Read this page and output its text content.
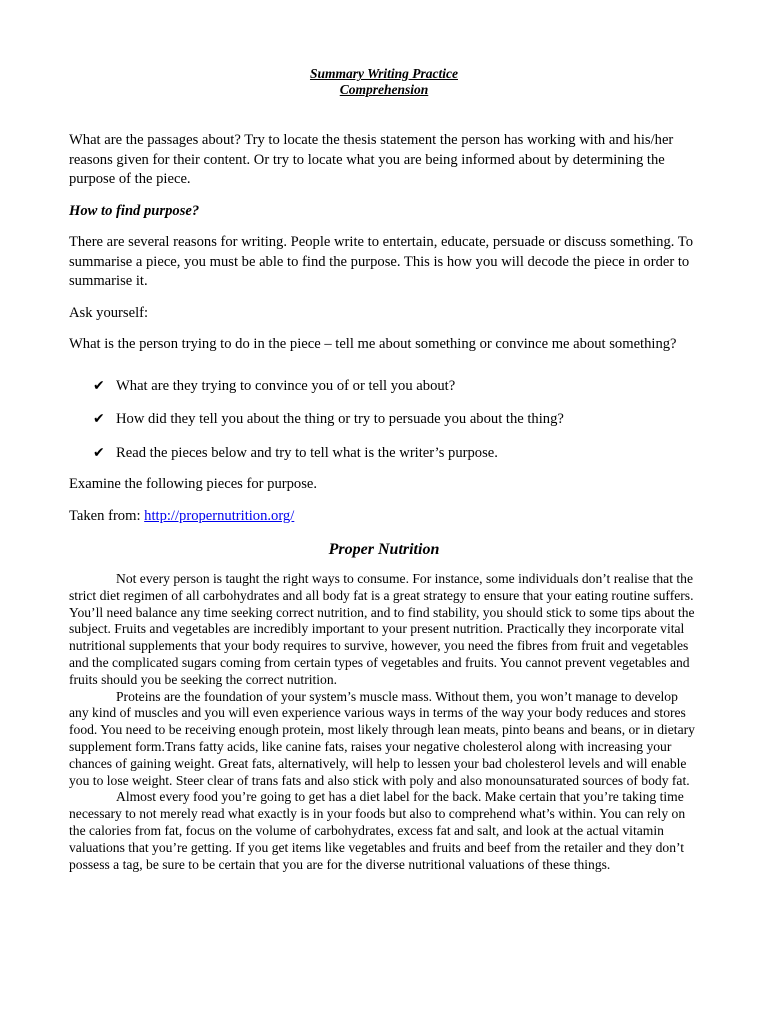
Summary Writing Practice

Comprehension

What are the passages about? Try to locate the thesis statement the person has working with and his/her reasons given for their content. Or try to locate what you are being informed about by determining the purpose of the piece.

How to find purpose?

There are several reasons for writing. People write to entertain, educate, persuade or discuss something. To summarise a piece, you must be able to find the purpose. This is how you will decode the piece in order to summarise it.

Ask yourself:

What is the person trying to do in the piece – tell me about something or convince me about something?

✔ What are they trying to convince you of or tell you about?
✔ How did they tell you about the thing or try to persuade you about the thing?
✔ Read the pieces below and try to tell what is the writer’s purpose.

Examine the following pieces for purpose.

Taken from: http://propernutrition.org/

Proper Nutrition

Not every person is taught the right ways to consume. For instance, some individuals don’t realise that the strict diet regimen of all carbohydrates and all body fat is a great strategy to ensure that your eating routine suffers. You’ll need balance any time seeking correct nutrition, and to find stability, you should stick to some tips about the subject. Fruits and vegetables are incredibly important to your present nutrition. Practically they incorporate vital nutritional supplements that your body requires to survive, however, you need the fibres from fruit and vegetables and the complicated sugars coming from certain types of vegetables and fruits. You cannot prevent vegetables and fruits should you be seeking the correct nutrition.

Proteins are the foundation of your system’s muscle mass. Without them, you won’t manage to develop any kind of muscles and you will even experience various ways in terms of the way your body reduces and stores food. You need to be receiving enough protein, most likely through lean meats, pinto beans and beans, or in dietary supplement form.Trans fatty acids, like canine fats, raises your negative cholesterol along with increasing your chances of gaining weight. Great fats, alternatively, will help to lessen your bad cholesterol levels and will enable you to lose weight. Steer clear of trans fats and also stick with poly and also monounsaturated sources of body fat.

Almost every food you’re going to get has a diet label for the back. Make certain that you’re taking time necessary to not merely read what exactly is in your foods but also to comprehend what’s within. You can rely on the calories from fat, focus on the volume of carbohydrates, excess fat and salt, and look at the actual vitamin valuations that you’re getting. If you get items like vegetables and fruits and beef from the retailer and they don’t possess a tag, be sure to be certain that you are for the diverse nutritional valuations of these things.
